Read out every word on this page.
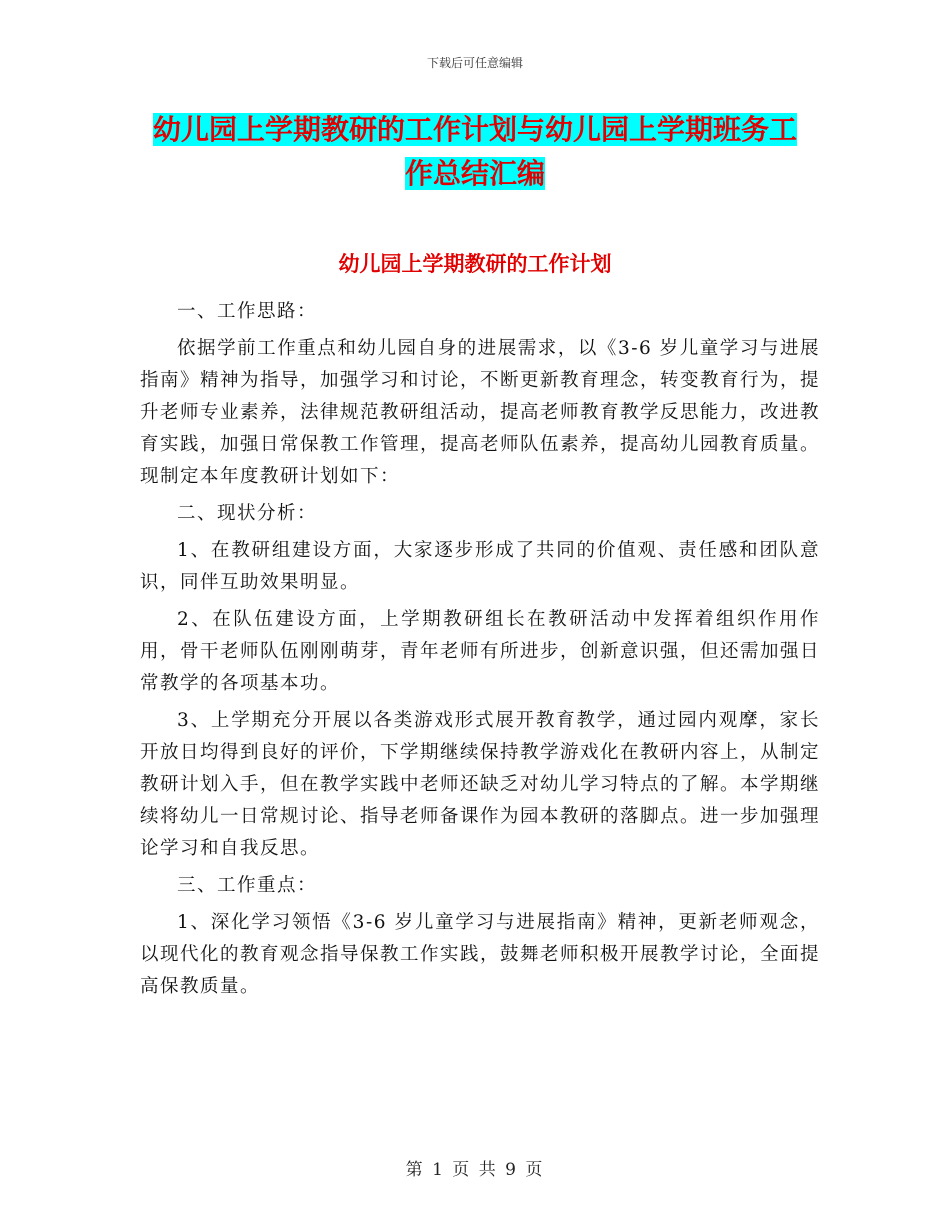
下载后可任意编辑
幼儿园上学期教研的工作计划与幼儿园上学期班务工
作总结汇编
幼儿园上学期教研的工作计划

一、工作思路：

依据学前工作重点和幼儿园自身的进展需求，以《3-6 岁儿童学习与进展指南》精神为指导，加强学习和讨论，不断更新教育理念，转变教育行为，提升老师专业素养，法律规范教研组活动，提高老师教育教学反思能力，改进教育实践，加强日常保教工作管理，提高老师队伍素养，提高幼儿园教育质量。现制定本年度教研计划如下：

二、现状分析：

1、在教研组建设方面，大家逐步形成了共同的价值观、责任感和团队意识，同伴互助效果明显。

2、在队伍建设方面，上学期教研组长在教研活动中发挥着组织作用作用，骨干老师队伍刚刚萌芽，青年老师有所进步，创新意识强，但还需加强日常教学的各项基本功。

3、上学期充分开展以各类游戏形式展开教育教学，通过园内观摩，家长开放日均得到良好的评价，下学期继续保持教学游戏化在教研内容上，从制定教研计划入手，但在教学实践中老师还缺乏对幼儿学习特点的了解。本学期继续将幼儿一日常规讨论、指导老师备课作为园本教研的落脚点。进一步加强理论学习和自我反思。

三、工作重点：

1、深化学习领悟《3-6 岁儿童学习与进展指南》精神，更新老师观念，以现代化的教育观念指导保教工作实践，鼓舞老师积极开展教学讨论，全面提高保教质量。

第 1 页 共 9 页
